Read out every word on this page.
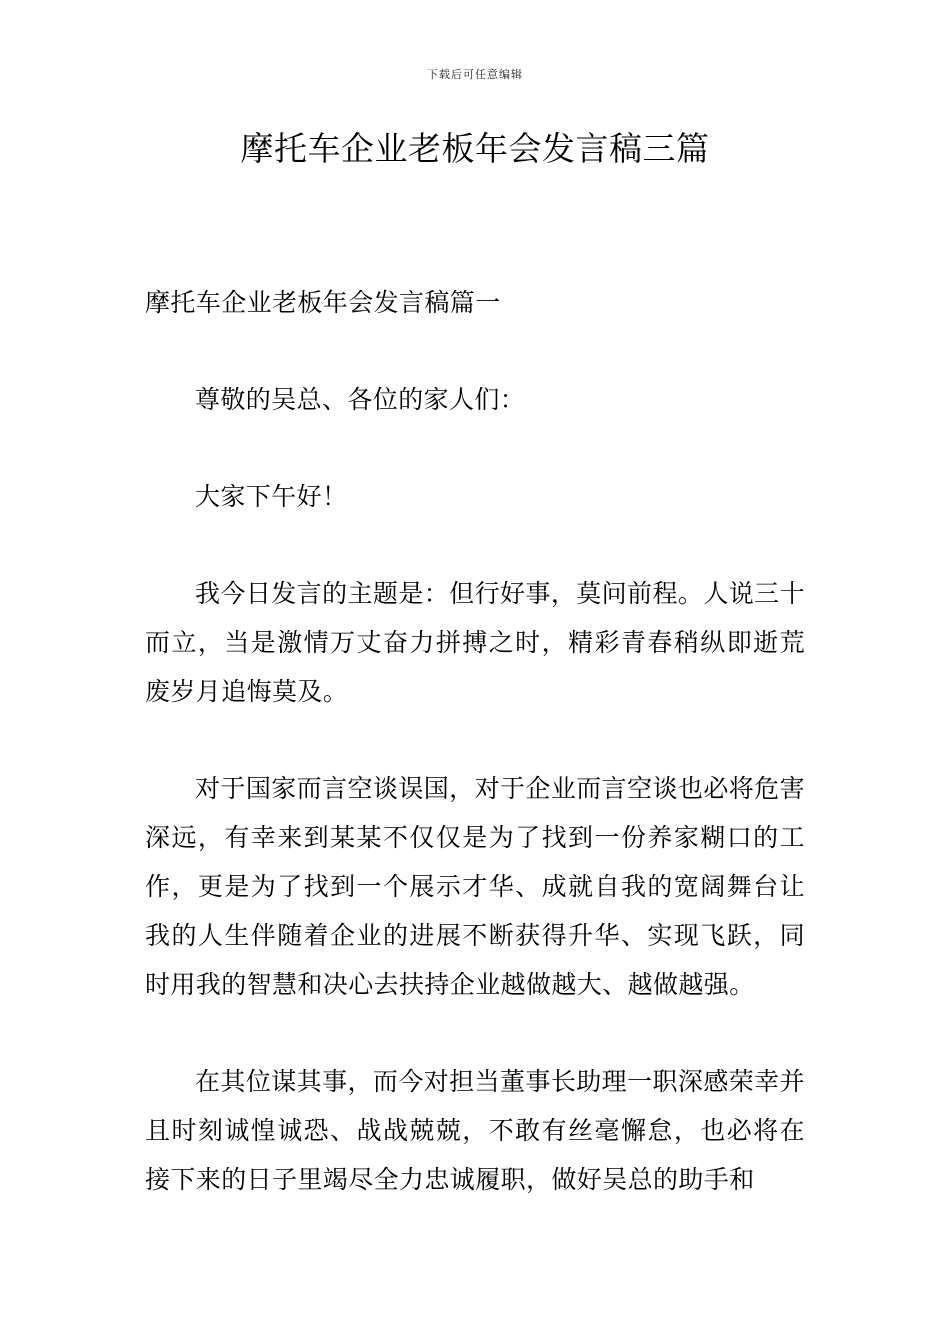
下载后可任意编辑
摩托车企业老板年会发言稿三篇
摩托车企业老板年会发言稿篇一

尊敬的吴总、各位的家人们：

大家下午好！

我今日发言的主题是：但行好事，莫问前程。人说三十而立，当是激情万丈奋力拼搏之时，精彩青春稍纵即逝荒废岁月追悔莫及。

对于国家而言空谈误国，对于企业而言空谈也必将危害深远，有幸来到某某不仅仅是为了找到一份养家糊口的工作，更是为了找到一个展示才华、成就自我的宽阔舞台让我的人生伴随着企业的进展不断获得升华、实现飞跃，同时用我的智慧和决心去扶持企业越做越大、越做越强。

在其位谋其事，而今对担当董事长助理一职深感荣幸并且时刻诚惶诚恐、战战兢兢，不敢有丝毫懈怠，也必将在接下来的日子里竭尽全力忠诚履职，做好吴总的助手和
